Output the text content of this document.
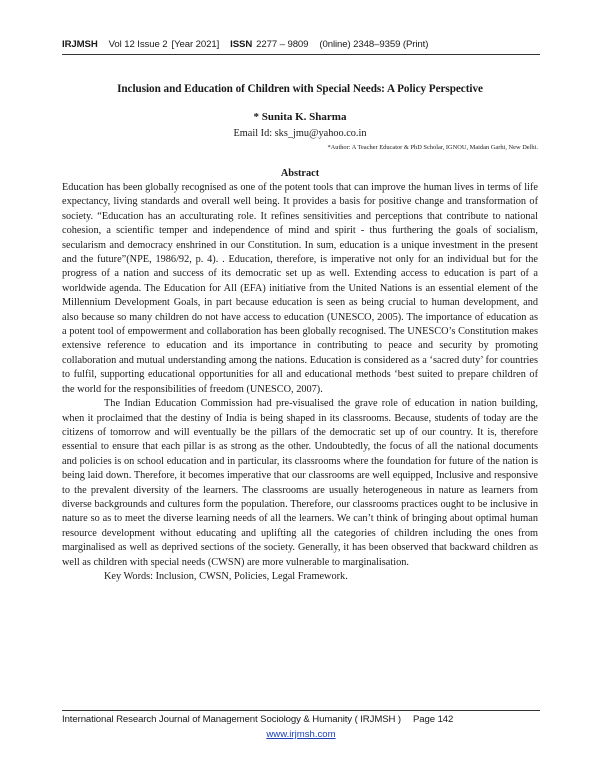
IRJMSH Vol 12 Issue 2 [Year 2021] ISSN 2277 – 9809 (0nline) 2348–9359 (Print)
Inclusion and Education of Children with Special Needs: A Policy Perspective
* Sunita K. Sharma
Email Id: sks_jmu@yahoo.co.in
*Author: A Teacher Educator & PhD Scholar, IGNOU, Maidan Garhi, New Delhi.
Abstract

Education has been globally recognised as one of the potent tools that can improve the human lives in terms of life expectancy, living standards and overall well being. It provides a basis for positive change and transformation of society. “Education has an acculturating role. It refines sensitivities and perceptions that contribute to national cohesion, a scientific temper and independence of mind and spirit - thus furthering the goals of socialism, secularism and democracy enshrined in our Constitution. In sum, education is a unique investment in the present and the future”(NPE, 1986/92, p. 4). . Education, therefore, is imperative not only for an individual but for the progress of a nation and success of its democratic set up as well. Extending access to education is part of a worldwide agenda. The Education for All (EFA) initiative from the United Nations is an essential element of the Millennium Development Goals, in part because education is seen as being crucial to human development, and also because so many children do not have access to education (UNESCO, 2005). The importance of education as a potent tool of empowerment and collaboration has been globally recognised. The UNESCO’s Constitution makes extensive reference to education and its importance in contributing to peace and security by promoting collaboration and mutual understanding among the nations. Education is considered as a ‘sacred duty’ for countries to fulfil, supporting educational opportunities for all and educational methods ‘best suited to prepare children of the world for the responsibilities of freedom (UNESCO, 2007).

The Indian Education Commission had pre-visualised the grave role of education in nation building, when it proclaimed that the destiny of India is being shaped in its classrooms. Because, students of today are the citizens of tomorrow and will eventually be the pillars of the democratic set up of our country. It is, therefore essential to ensure that each pillar is as strong as the other. Undoubtedly, the focus of all the national documents and policies is on school education and in particular, its classrooms where the foundation for future of the nation is being laid down. Therefore, it becomes imperative that our classrooms are well equipped, Inclusive and responsive to the prevalent diversity of the learners. The classrooms are usually heterogeneous in nature as learners from diverse backgrounds and cultures form the population. Therefore, our classrooms practices ought to be inclusive in nature so as to meet the diverse learning needs of all the learners. We can’t think of bringing about optimal human resource development without educating and uplifting all the categories of children including the ones from marginalised as well as deprived sections of the society. Generally, it has been observed that backward children as well as children with special needs (CWSN) are more vulnerable to marginalisation.

Key Words: Inclusion, CWSN, Policies, Legal Framework.

International Research Journal of Management Sociology & Humanity ( IRJMSH ) Page 142
www.irjmsh.com
